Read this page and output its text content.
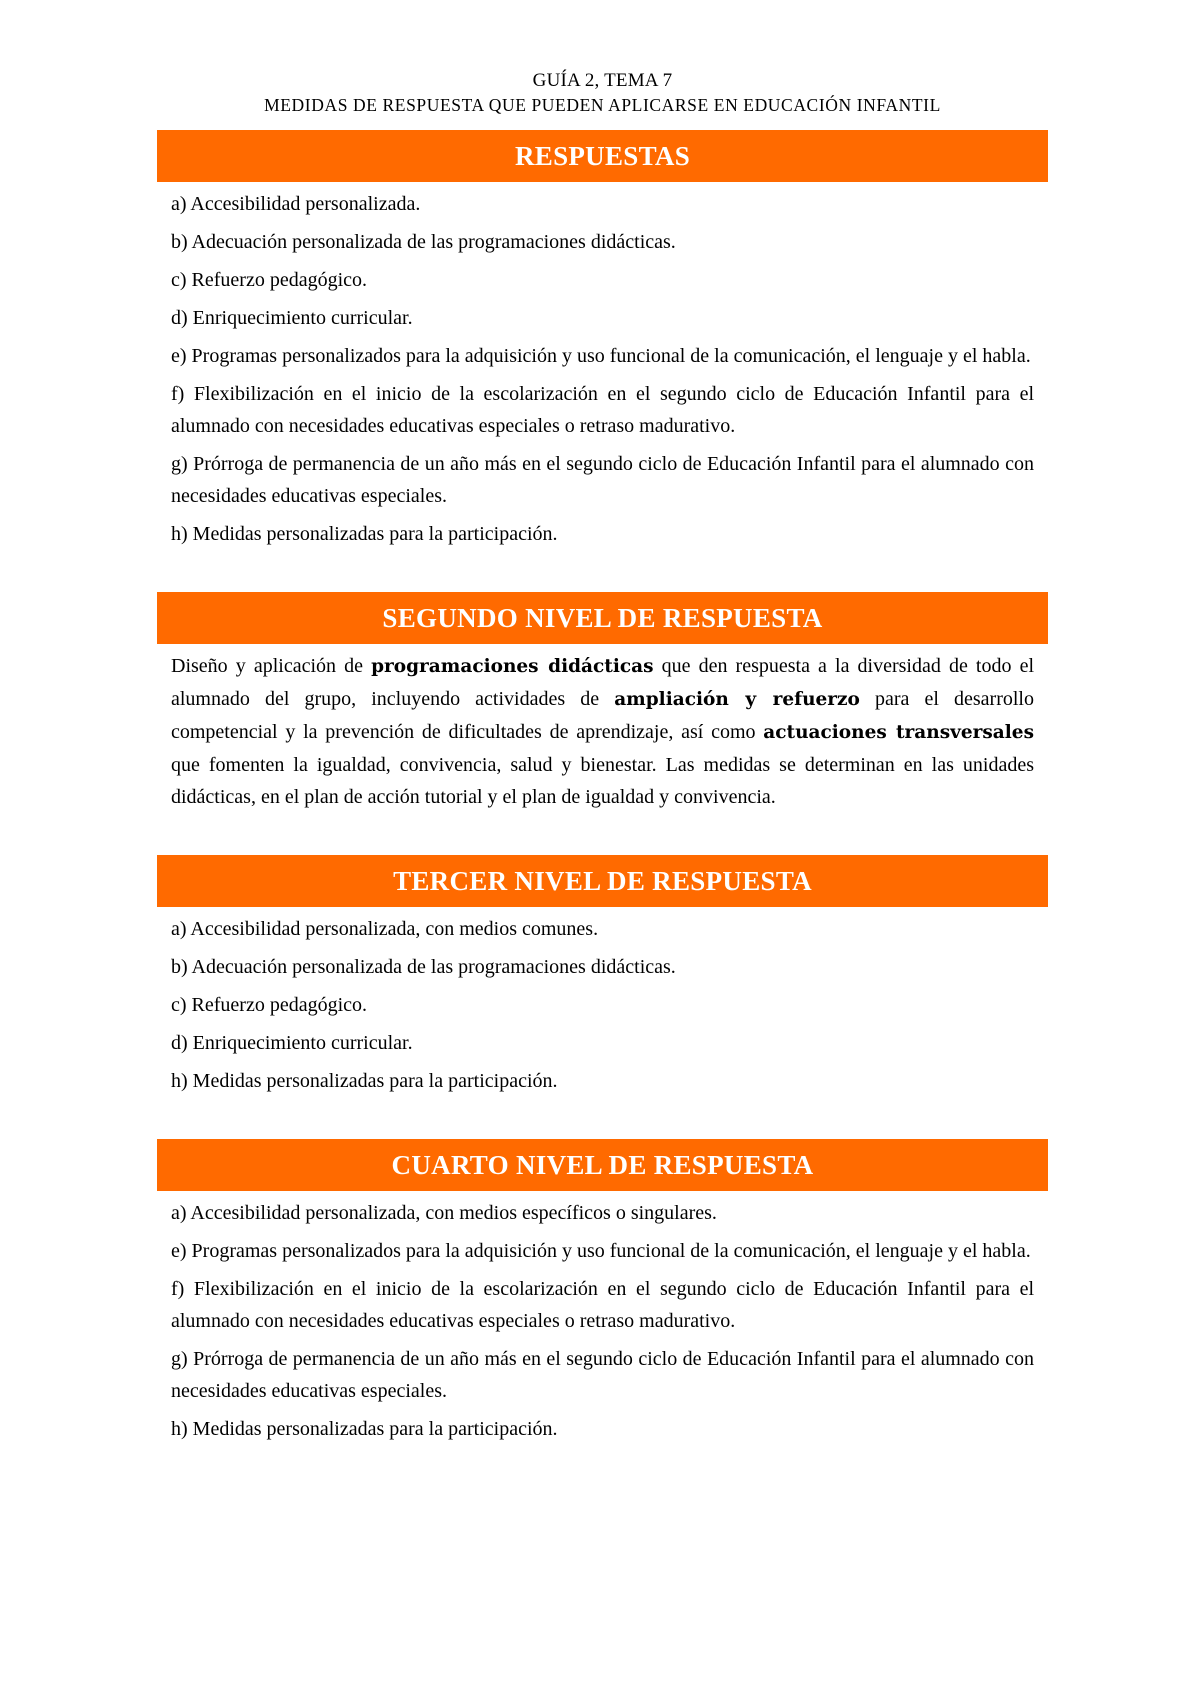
GUÍA 2, TEMA 7
MEDIDAS DE RESPUESTA QUE PUEDEN APLICARSE EN EDUCACIÓN INFANTIL
RESPUESTAS
a) Accesibilidad personalizada.
b) Adecuación personalizada de las programaciones didácticas.
c) Refuerzo pedagógico.
d) Enriquecimiento curricular.
e) Programas personalizados para la adquisición y uso funcional de la comunicación, el lenguaje y el habla.
f) Flexibilización en el inicio de la escolarización en el segundo ciclo de Educación Infantil para el alumnado con necesidades educativas especiales o retraso madurativo.
g) Prórroga de permanencia de un año más en el segundo ciclo de Educación Infantil para el alumnado con necesidades educativas especiales.
h) Medidas personalizadas para la participación.
SEGUNDO NIVEL DE RESPUESTA
Diseño y aplicación de programaciones didácticas que den respuesta a la diversidad de todo el alumnado del grupo, incluyendo actividades de ampliación y refuerzo para el desarrollo competencial y la prevención de dificultades de aprendizaje, así como actuaciones transversales que fomenten la igualdad, convivencia, salud y bienestar. Las medidas se determinan en las unidades didácticas, en el plan de acción tutorial y el plan de igualdad y convivencia.
TERCER NIVEL DE RESPUESTA
a) Accesibilidad personalizada, con medios comunes.
b) Adecuación personalizada de las programaciones didácticas.
c) Refuerzo pedagógico.
d) Enriquecimiento curricular.
h) Medidas personalizadas para la participación.
CUARTO NIVEL DE RESPUESTA
a) Accesibilidad personalizada, con medios específicos o singulares.
e) Programas personalizados para la adquisición y uso funcional de la comunicación, el lenguaje y el habla.
f) Flexibilización en el inicio de la escolarización en el segundo ciclo de Educación Infantil para el alumnado con necesidades educativas especiales o retraso madurativo.
g) Prórroga de permanencia de un año más en el segundo ciclo de Educación Infantil para el alumnado con necesidades educativas especiales.
h) Medidas personalizadas para la participación.
